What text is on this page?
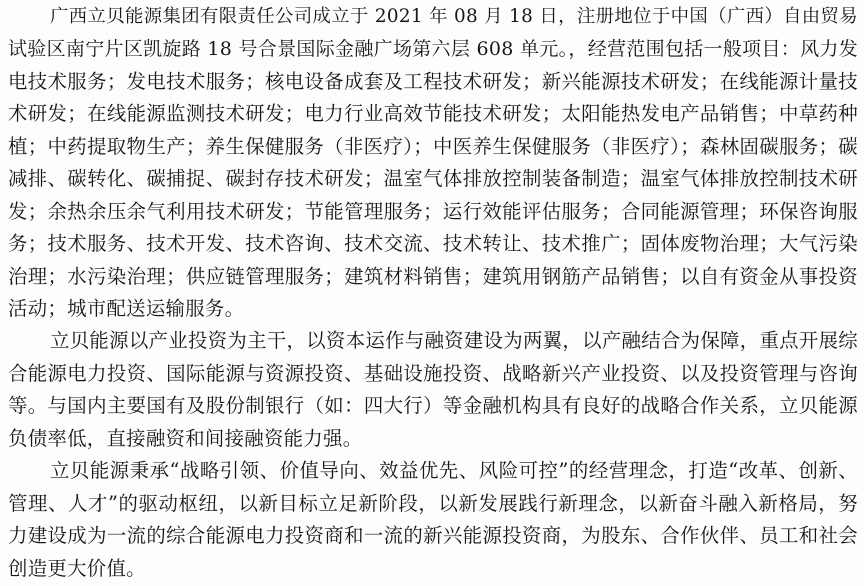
广西立贝能源集团有限责任公司成立于 2021 年 08 月 18 日，注册地位于中国（广西）自由贸易
试验区南宁片区凯旋路 18 号合景国际金融广场第六层 608 单元。，经营范围包括一般项目：风力发
电技术服务；发电技术服务；核电设备成套及工程技术研发；新兴能源技术研发；在线能源计量技
术研发；在线能源监测技术研发；电力行业高效节能技术研发；太阳能热发电产品销售；中草药种
植；中药提取物生产；养生保健服务（非医疗）；中医养生保健服务（非医疗）；森林固碳服务；碳
减排、碳转化、碳捕捉、碳封存技术研发；温室气体排放控制装备制造；温室气体排放控制技术研
发；余热余压余气利用技术研发；节能管理服务；运行效能评估服务；合同能源管理；环保咨询服
务；技术服务、技术开发、技术咨询、技术交流、技术转让、技术推广；固体废物治理；大气污染
治理；水污染治理；供应链管理服务；建筑材料销售；建筑用钢筋产品销售；以自有资金从事投资
活动；城市配送运输服务。
立贝能源以产业投资为主干，以资本运作与融资建设为两翼，以产融结合为保障，重点开展综
合能源电力投资、国际能源与资源投资、基础设施投资、战略新兴产业投资、以及投资管理与咨询
等。与国内主要国有及股份制银行（如：四大行）等金融机构具有良好的战略合作关系，立贝能源
负债率低，直接融资和间接融资能力强。
立贝能源秉承“战略引领、价值导向、效益优先、风险可控”的经营理念，打造“改革、创新、
管理、人才”的驱动枢纽，以新目标立足新阶段，以新发展践行新理念，以新奋斗融入新格局，努
力建设成为一流的综合能源电力投资商和一流的新兴能源投资商，为股东、合作伙伴、员工和社会
创造更大价值。
